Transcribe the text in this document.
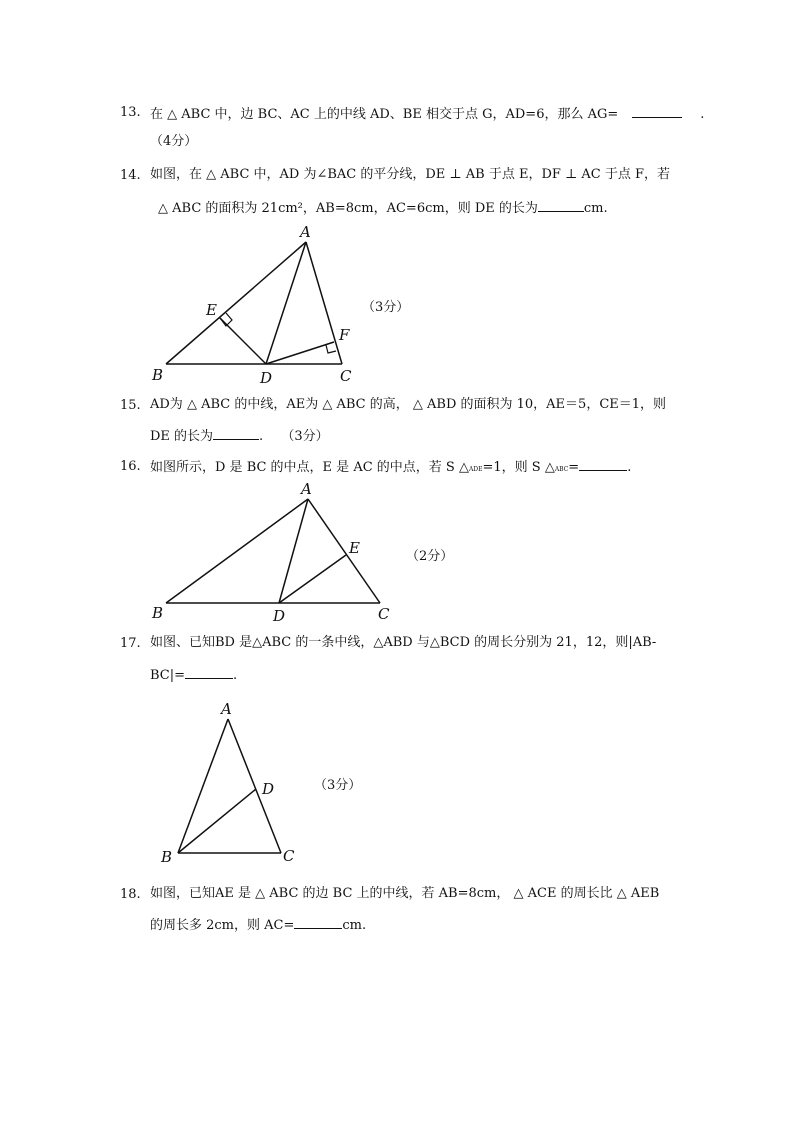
13. 在 △ ABC 中，边 BC、AC 上的中线 AD、BE 相交于点 G，AD=6，那么 AG=	.
（4分）
14. 如图，在 △ ABC 中，AD 为∠BAC 的平分线，DE ⊥ AB 于点 E，DF ⊥ AC 于点 F，若
△ ABC 的面积为 21cm²，AB=8cm，AC=6cm，则 DE 的长为	cm.
A
B	C
D
E
F
（3分）
15. AD为 △ ABC 的中线，AE为 △ ABC 的高， △ ABD 的面积为 10，AE＝5，CE＝1，则
DE 的长为	. （3分）
16. 如图所示，D 是 BC 的中点，E 是 AC 的中点，若 S △ADE=1，则 S △ABC=	.
A
B	C
D
E	（2分）
17. 如图、已知BD 是△ABC 的一条中线，△ABD 与△BCD 的周长分别为 21，12，则|AB-
BC|=	.
A
B	C
D	（3分）
18. 如图，已知AE 是 △ ABC 的边 BC 上的中线，若 AB=8cm， △ ACE 的周长比 △ AEB
的周长多 2cm，则 AC=	cm.
